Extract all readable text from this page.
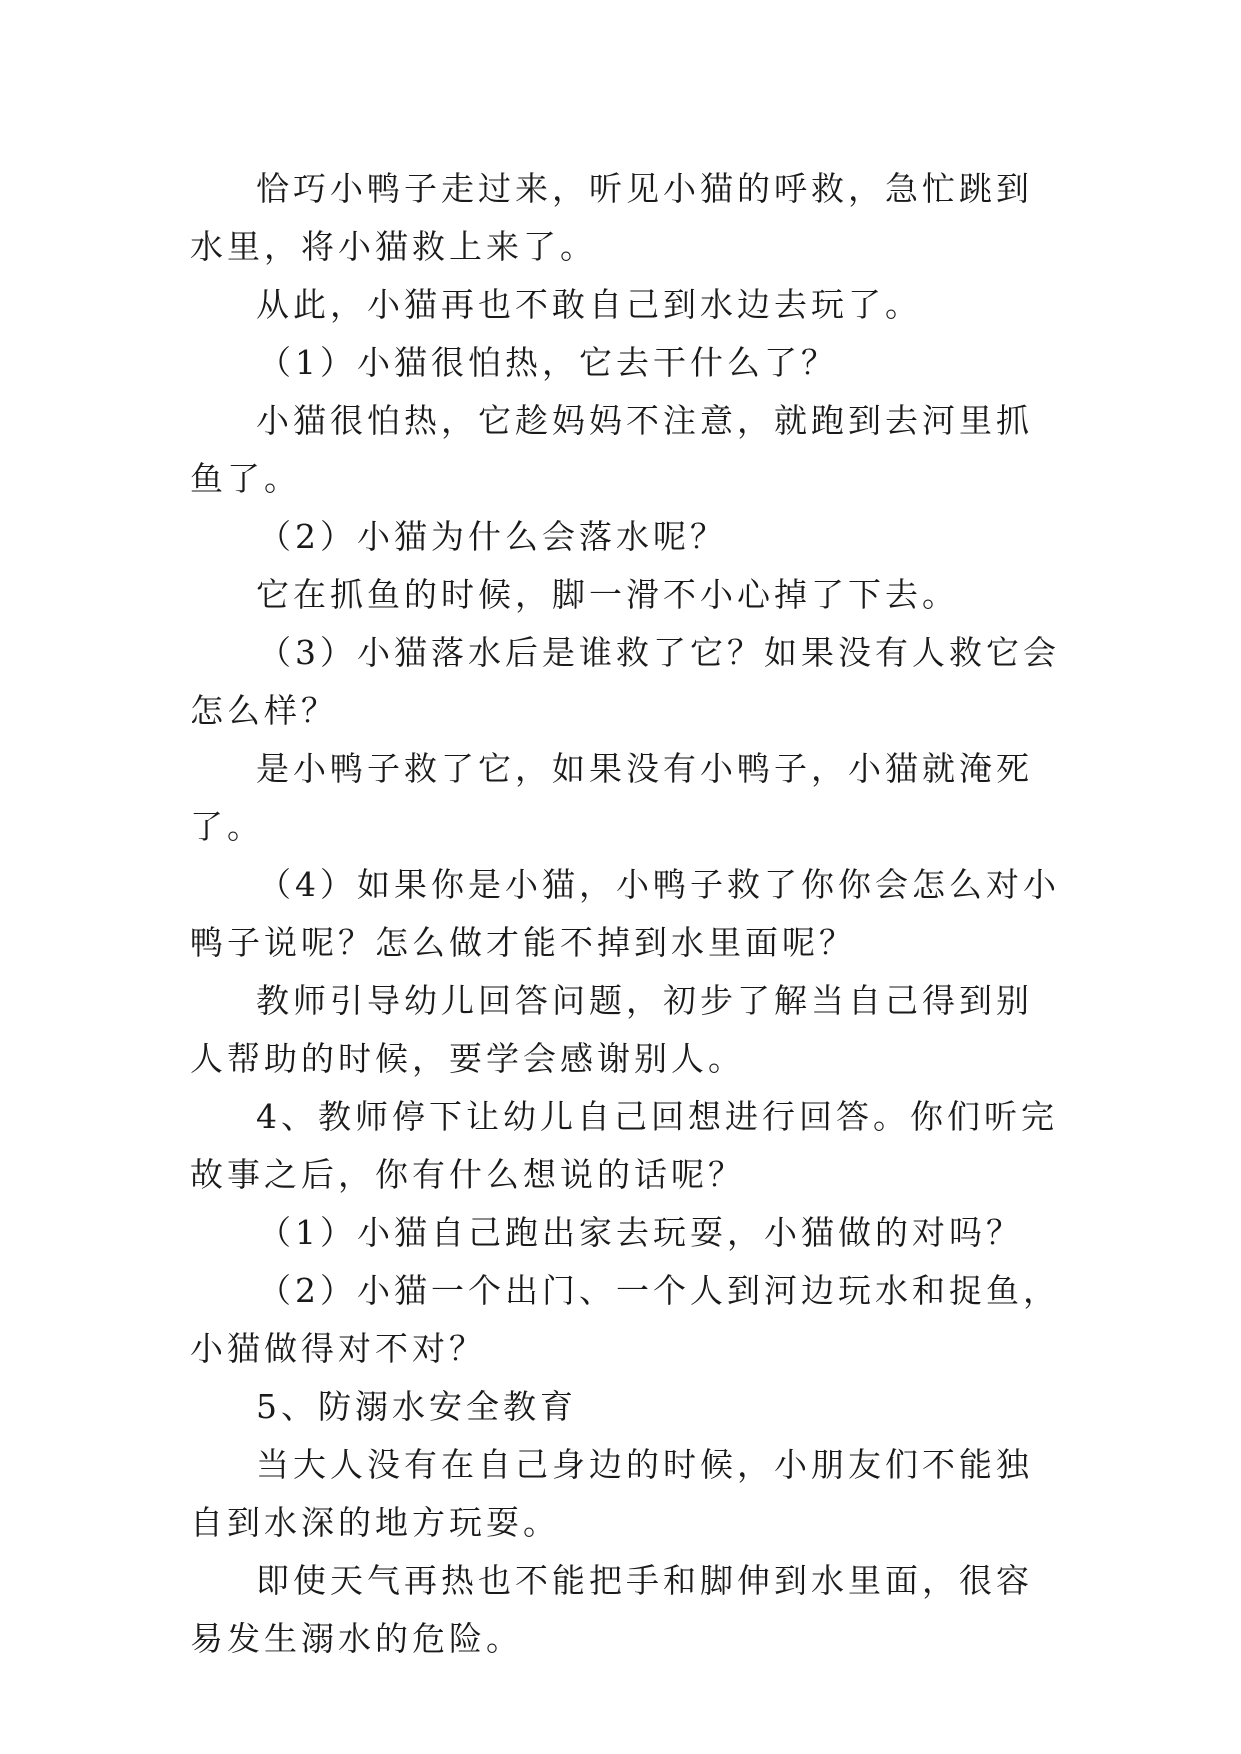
恰巧小鸭子走过来，听见小猫的呼救，急忙跳到水里，将小猫救上来了。

从此，小猫再也不敢自己到水边去玩了。

（1）小猫很怕热，它去干什么了？

小猫很怕热，它趁妈妈不注意，就跑到去河里抓鱼了。

（2）小猫为什么会落水呢？

它在抓鱼的时候，脚一滑不小心掉了下去。

（3）小猫落水后是谁救了它？如果没有人救它会怎么样？

是小鸭子救了它，如果没有小鸭子，小猫就淹死了。

（4）如果你是小猫，小鸭子救了你你会怎么对小鸭子说呢？怎么做才能不掉到水里面呢？

教师引导幼儿回答问题，初步了解当自己得到别人帮助的时候，要学会感谢别人。

4、教师停下让幼儿自己回想进行回答。你们听完故事之后，你有什么想说的话呢？

（1）小猫自己跑出家去玩耍，小猫做的对吗？

（2）小猫一个出门、一个人到河边玩水和捉鱼，小猫做得对不对？

5、防溺水安全教育

当大人没有在自己身边的时候，小朋友们不能独自到水深的地方玩耍。

即使天气再热也不能把手和脚伸到水里面，很容易发生溺水的危险。
